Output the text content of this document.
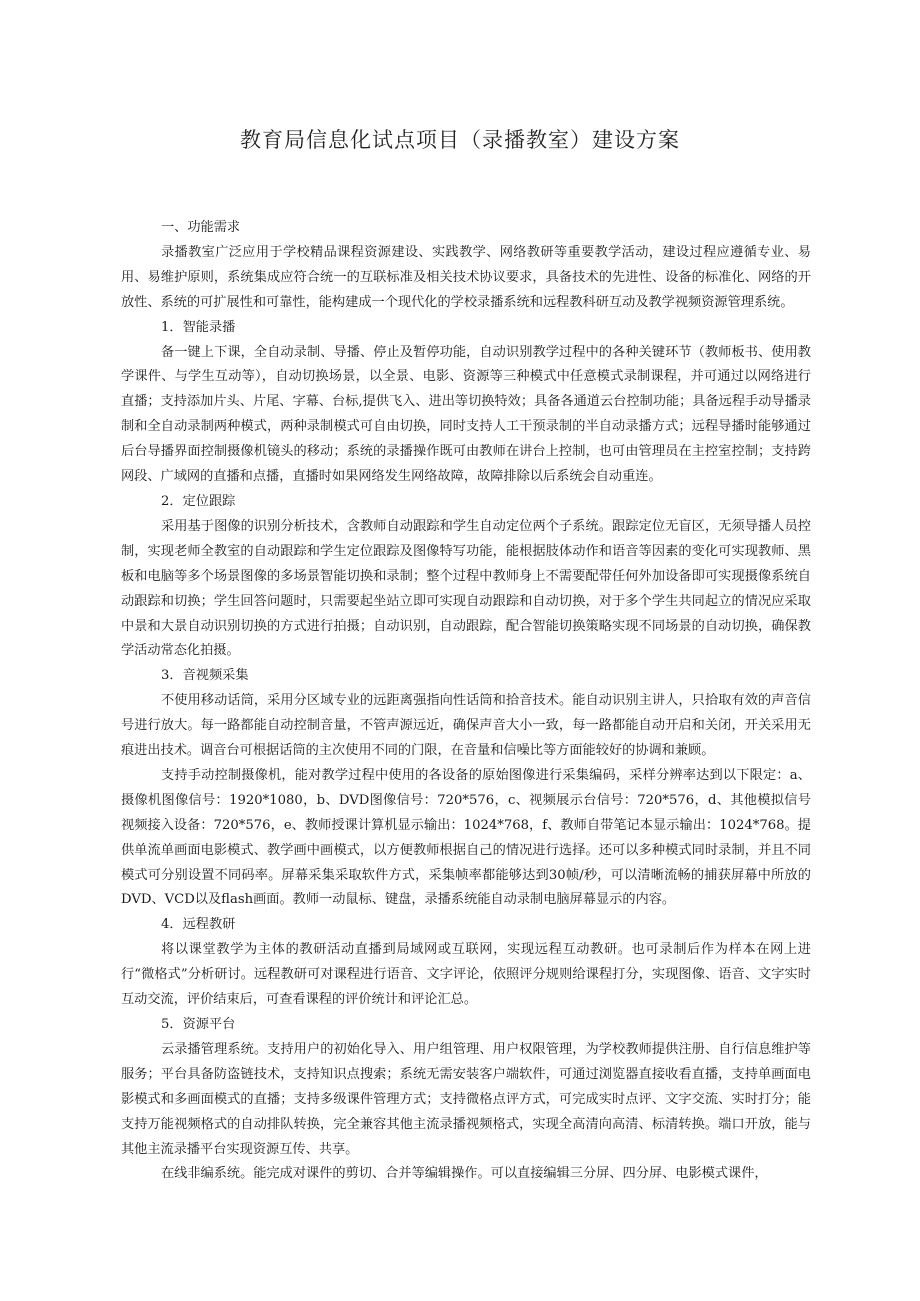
教育局信息化试点项目（录播教室）建设方案

一、功能需求

录播教室广泛应用于学校精品课程资源建设、实践教学、网络教研等重要教学活动，建设过程应遵循专业、易用、易维护原则，系统集成应符合统一的互联标准及相关技术协议要求，具备技术的先进性、设备的标准化、网络的开放性、系统的可扩展性和可靠性，能构建成一个现代化的学校录播系统和远程教科研互动及教学视频资源管理系统。

1．智能录播

备一键上下课，全自动录制、导播、停止及暂停功能，自动识别教学过程中的各种关键环节（教师板书、使用教学课件、与学生互动等），自动切换场景，以全景、电影、资源等三种模式中任意模式录制课程，并可通过以网络进行直播；支持添加片头、片尾、字幕、台标,提供飞入、进出等切换特效；具备各通道云台控制功能；具备远程手动导播录制和全自动录制两种模式，两种录制模式可自由切换，同时支持人工干预录制的半自动录播方式；远程导播时能够通过后台导播界面控制摄像机镜头的移动；系统的录播操作既可由教师在讲台上控制，也可由管理员在主控室控制；支持跨网段、广域网的直播和点播，直播时如果网络发生网络故障，故障排除以后系统会自动重连。

2．定位跟踪

采用基于图像的识别分析技术，含教师自动跟踪和学生自动定位两个子系统。跟踪定位无盲区，无须导播人员控制，实现老师全教室的自动跟踪和学生定位跟踪及图像特写功能，能根据肢体动作和语音等因素的变化可实现教师、黑板和电脑等多个场景图像的多场景智能切换和录制；整个过程中教师身上不需要配带任何外加设备即可实现摄像系统自动跟踪和切换；学生回答问题时，只需要起坐站立即可实现自动跟踪和自动切换，对于多个学生共同起立的情况应采取中景和大景自动识别切换的方式进行拍摄；自动识别，自动跟踪，配合智能切换策略实现不同场景的自动切换，确保教学活动常态化拍摄。

3．音视频采集

不使用移动话筒，采用分区域专业的远距离强指向性话筒和拾音技术。能自动识别主讲人，只拾取有效的声音信号进行放大。每一路都能自动控制音量，不管声源远近，确保声音大小一致，每一路都能自动开启和关闭，开关采用无痕进出技术。调音台可根据话筒的主次使用不同的门限，在音量和信噪比等方面能较好的协调和兼顾。

支持手动控制摄像机，能对教学过程中使用的各设备的原始图像进行采集编码，采样分辨率达到以下限定：a、摄像机图像信号：1920*1080，b、DVD图像信号：720*576，c、视频展示台信号：720*576，d、其他模拟信号视频接入设备：720*576，e、教师授课计算机显示输出：1024*768，f、教师自带笔记本显示输出：1024*768。提供单流单画面电影模式、教学画中画模式，以方便教师根据自己的情况进行选择。还可以多种模式同时录制，并且不同模式可分别设置不同码率。屏幕采集采取软件方式，采集帧率都能够达到30帧/秒，可以清晰流畅的捕获屏幕中所放的DVD、VCD以及flash画面。教师一动鼠标、键盘，录播系统能自动录制电脑屏幕显示的内容。

4．远程教研

将以课堂教学为主体的教研活动直播到局域网或互联网，实现远程互动教研。也可录制后作为样本在网上进行“微格式”分析研讨。远程教研可对课程进行语音、文字评论，依照评分规则给课程打分，实现图像、语音、文字实时互动交流，评价结束后，可查看课程的评价统计和评论汇总。

5．资源平台

云录播管理系统。支持用户的初始化导入、用户组管理、用户权限管理，为学校教师提供注册、自行信息维护等服务；平台具备防盗链技术，支持知识点搜索；系统无需安装客户端软件，可通过浏览器直接收看直播，支持单画面电影模式和多画面模式的直播；支持多级课件管理方式；支持微格点评方式，可完成实时点评、文字交流、实时打分；能支持万能视频格式的自动排队转换，完全兼容其他主流录播视频格式，实现全高清向高清、标清转换。端口开放，能与其他主流录播平台实现资源互传、共享。

在线非编系统。能完成对课件的剪切、合并等编辑操作。可以直接编辑三分屏、四分屏、电影模式课件，
